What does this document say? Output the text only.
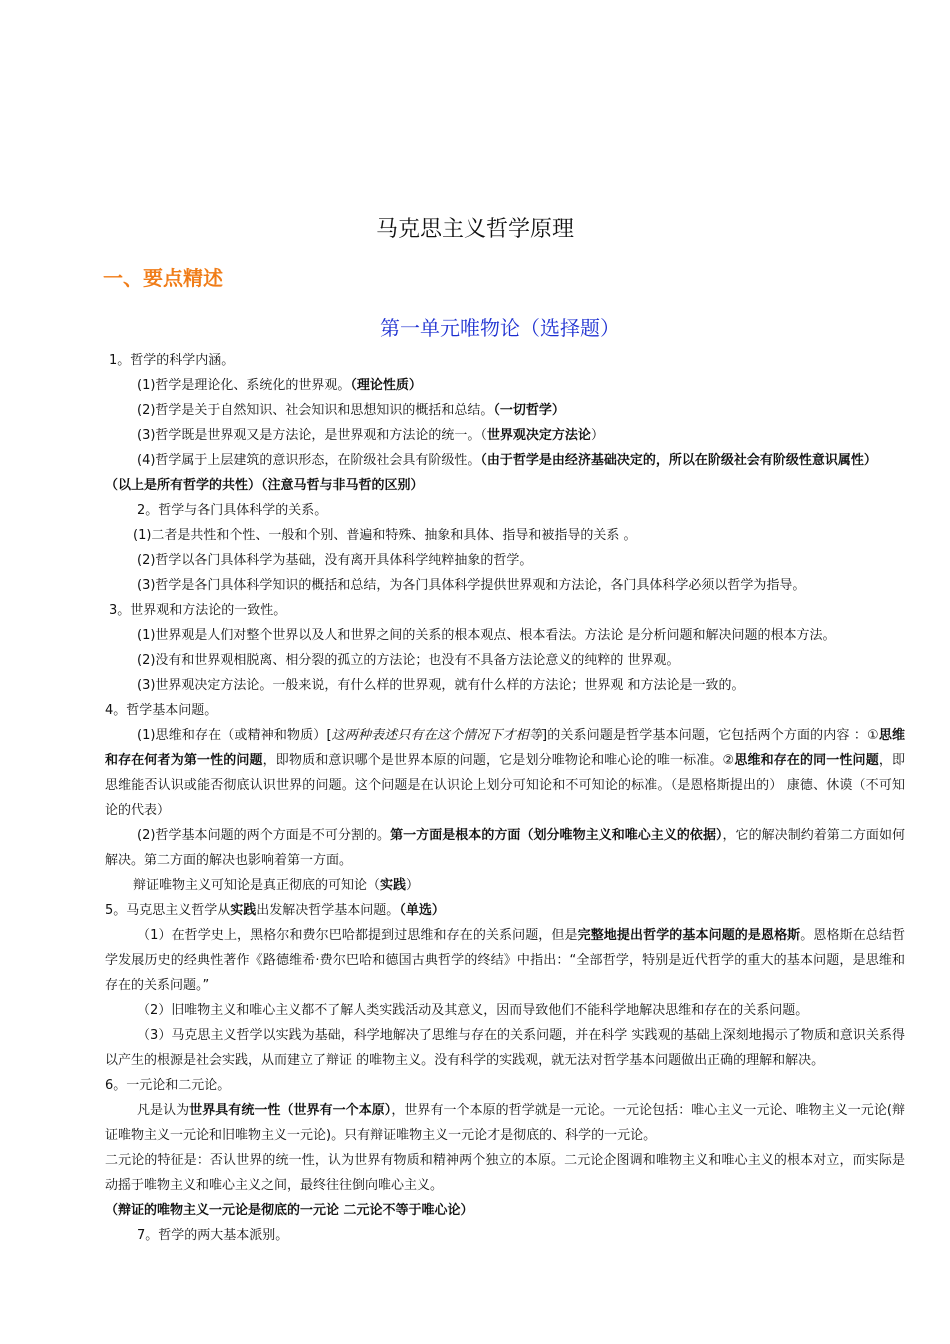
马克思主义哲学原理
一、要点精述
第一单元唯物论（选择题）

1。哲学的科学内涵。

(1)哲学是理论化、系统化的世界观。（理论性质）

(2)哲学是关于自然知识、社会知识和思想知识的概括和总结。（一切哲学）

(3)哲学既是世界观又是方法论，是世界观和方法论的统一。（世界观决定方法论）

(4)哲学属于上层建筑的意识形态，在阶级社会具有阶级性。（由于哲学是由经济基础决定的，所以在阶级社会有阶级性意识属性）

（以上是所有哲学的共性）（注意马哲与非马哲的区别）

2。哲学与各门具体科学的关系。

(1)二者是共性和个性、一般和个别、普遍和特殊、抽象和具体、指导和被指导的关系 。

(2)哲学以各门具体科学为基础，没有离开具体科学纯粹抽象的哲学。

(3)哲学是各门具体科学知识的概括和总结，为各门具体科学提供世界观和方法论，各门具体科学必须以哲学为指导。

3。世界观和方法论的一致性。

(1)世界观是人们对整个世界以及人和世界之间的关系的根本观点、根本看法。方法论 是分析问题和解决问题的根本方法。

(2)没有和世界观相脱离、相分裂的孤立的方法论；也没有不具备方法论意义的纯粹的 世界观。

(3)世界观决定方法论。一般来说，有什么样的世界观，就有什么样的方法论；世界观 和方法论是一致的。

4。哲学基本问题。

(1)思维和存在（或精神和物质）[这两种表述只有在这个情况下才相等]的关系问题是哲学基本问题，它包括两个方面的内容 ：①思维和存在何者为第一性的问题，即物质和意识哪个是世界本原的问题，它是划分唯物论和唯心论的唯一标准。②思维和存在的同一性问题，即思维能否认识或能否彻底认识世界的问题。这个问题是在认识论上划分可知论和不可知论的标准。（是恩格斯提出的） 康德、休谟（不可知论的代表）

(2)哲学基本问题的两个方面是不可分割的。第一方面是根本的方面（划分唯物主义和唯心主义的依据），它的解决制约着第二方面如何解决。第二方面的解决也影响着第一方面。

辩证唯物主义可知论是真正彻底的可知论（实践）

5。马克思主义哲学从实践出发解决哲学基本问题。（单选）

（1）在哲学史上，黑格尔和费尔巴哈都提到过思维和存在的关系问题，但是完整地提出哲学的基本问题的是恩格斯。恩格斯在总结哲学发展历史的经典性著作《路德维希·费尔巴哈和德国古典哲学的终结》中指出：“全部哲学，特别是近代哲学的重大的基本问题，是思维和存在的关系问题。”

（2）旧唯物主义和唯心主义都不了解人类实践活动及其意义，因而导致他们不能科学地解决思维和存在的关系问题。

（3）马克思主义哲学以实践为基础，科学地解决了思维与存在的关系问题，并在科学 实践观的基础上深刻地揭示了物质和意识关系得以产生的根源是社会实践，从而建立了辩证 的唯物主义。没有科学的实践观，就无法对哲学基本问题做出正确的理解和解决。

6。一元论和二元论。

凡是认为世界具有统一性（世界有一个本原），世界有一个本原的哲学就是一元论。一元论包括：唯心主义一元论、唯物主义一元论(辩证唯物主义一元论和旧唯物主义一元论)。只有辩证唯物主义一元论才是彻底的、科学的一元论。

二元论的特征是：否认世界的统一性，认为世界有物质和精神两个独立的本原。二元论企图调和唯物主义和唯心主义的根本对立，而实际是动摇于唯物主义和唯心主义之间，最终往往倒向唯心主义。

（辩证的唯物主义一元论是彻底的一元论 二元论不等于唯心论）

7。哲学的两大基本派别。
